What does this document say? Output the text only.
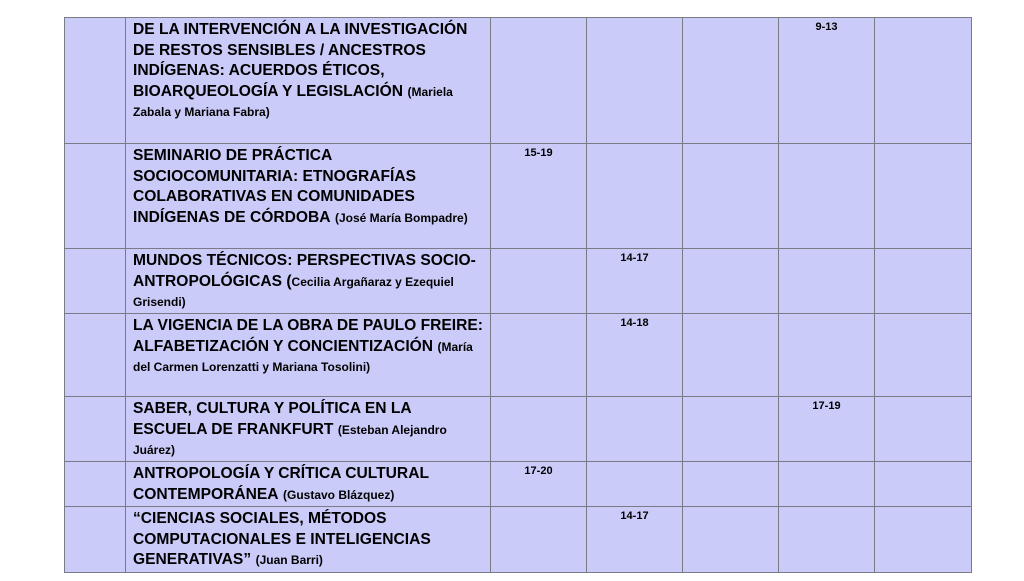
	DE LA INTERVENCIÓN A LA INVESTIGACIÓN DE RESTOS SENSIBLES / ANCESTROS INDÍGENAS: ACUERDOS ÉTICOS, BIOARQUEOLOGÍA Y LEGISLACIÓN (Mariela Zabala y Mariana Fabra)				9-13	

	SEMINARIO DE PRÁCTICA SOCIOCOMUNITARIA: ETNOGRAFÍAS COLABORATIVAS EN COMUNIDADES INDÍGENAS DE CÓRDOBA (José María Bompadre)	15-19				

	MUNDOS TÉCNICOS: PERSPECTIVAS SOCIO-ANTROPOLÓGICAS (Cecilia Argañaraz y Ezequiel Grisendi)		14-17			

	LA VIGENCIA DE LA OBRA DE PAULO FREIRE: ALFABETIZACIÓN Y CONCIENTIZACIÓN (María del Carmen Lorenzatti y Mariana Tosolini)		14-18			

	SABER, CULTURA Y POLÍTICA EN LA ESCUELA DE FRANKFURT (Esteban Alejandro Juárez)				17-19	

	ANTROPOLOGÍA Y CRÍTICA CULTURAL CONTEMPORÁNEA (Gustavo Blázquez)	17-20				

	“CIENCIAS SOCIALES, MÉTODOS COMPUTACIONALES E INTELIGENCIAS GENERATIVAS” (Juan Barri)		14-17			
